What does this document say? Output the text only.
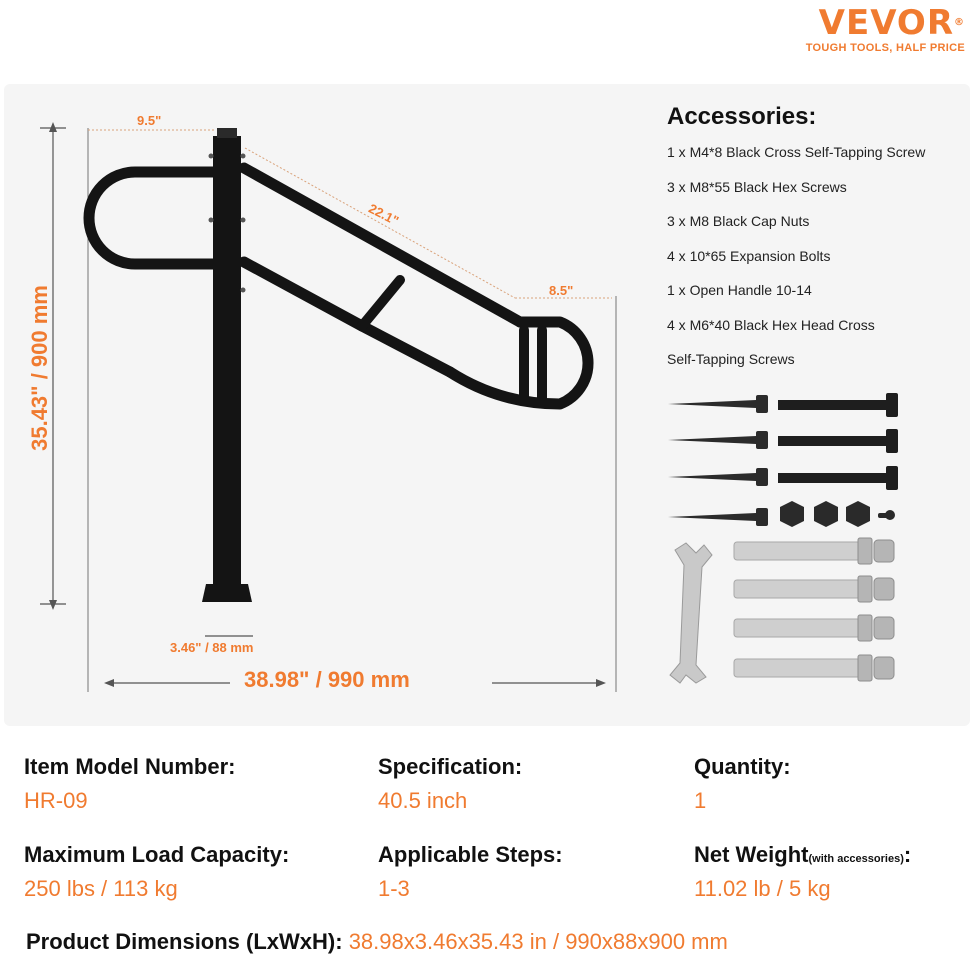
VEVOR®
TOUGH TOOLS, HALF PRICE
9.5"
22.1"
8.5"
3.46" / 88 mm
38.98" / 990 mm
35.43" / 900 mm
Accessories:
1 x M4*8 Black Cross Self-Tapping Screw
3 x M8*55 Black Hex Screws
3 x M8 Black Cap Nuts
4 x 10*65 Expansion Bolts
1 x Open Handle 10-14
4 x M6*40 Black Hex Head Cross
Self-Tapping Screws
Item Model Number:
HR-09
Specification:
40.5 inch
Quantity:
1
Maximum Load Capacity:
250 lbs / 113 kg
Applicable Steps:
1-3
Net Weight(with accessories):
11.02 lb / 5 kg
Product Dimensions (LxWxH): 38.98x3.46x35.43 in / 990x88x900 mm
